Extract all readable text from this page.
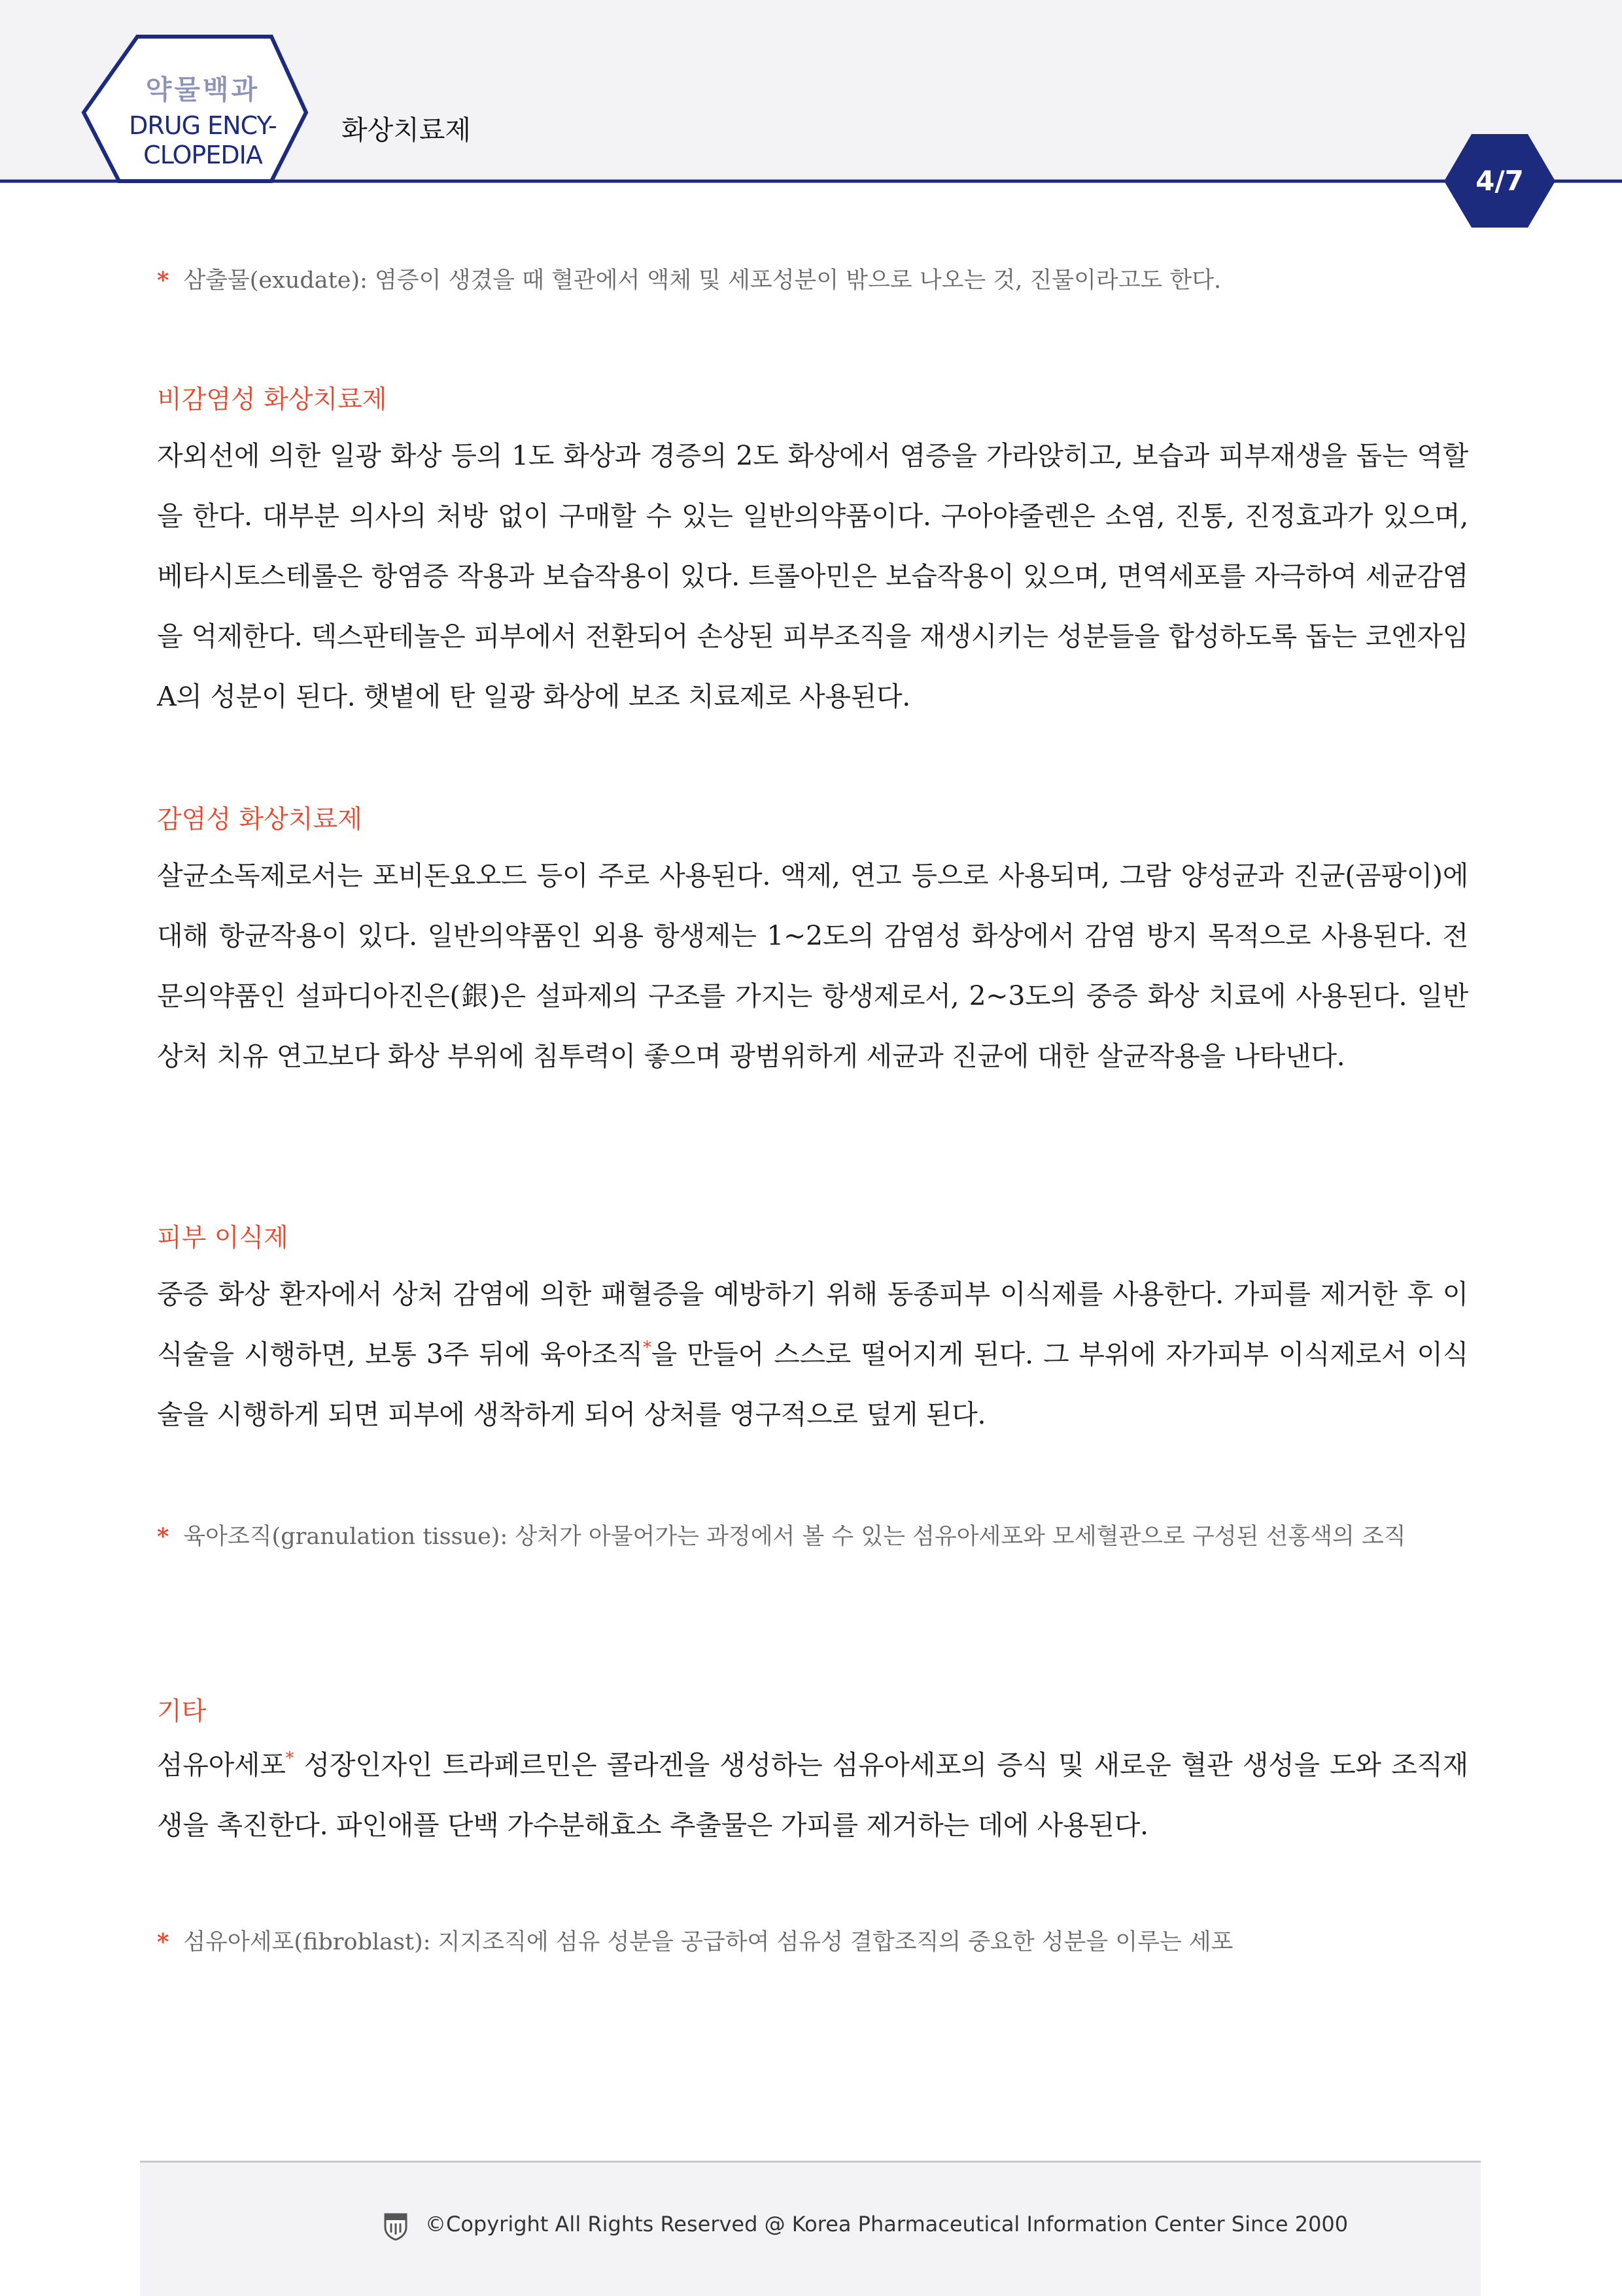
약물백과
DRUG ENCY-
CLOPEDIA
화상치료제
4/7
* 삼출물(exudate): 염증이 생겼을 때 혈관에서 액체 및 세포성분이 밖으로 나오는 것, 진물이라고도 한다.
비감염성 화상치료제
자외선에 의한 일광 화상 등의 1도 화상과 경증의 2도 화상에서 염증을 가라앉히고, 보습과 피부재생을 돕는 역할을 한다. 대부분 의사의 처방 없이 구매할 수 있는 일반의약품이다. 구아야줄렌은 소염, 진통, 진정효과가 있으며, 베타시토스테롤은 항염증 작용과 보습작용이 있다. 트롤아민은 보습작용이 있으며, 면역세포를 자극하여 세균감염을 억제한다. 덱스판테놀은 피부에서 전환되어 손상된 피부조직을 재생시키는 성분들을 합성하도록 돕는 코엔자임 A의 성분이 된다. 햇볕에 탄 일광 화상에 보조 치료제로 사용된다.
감염성 화상치료제
살균소독제로서는 포비돈요오드 등이 주로 사용된다. 액제, 연고 등으로 사용되며, 그람 양성균과 진균(곰팡이)에 대해 항균작용이 있다. 일반의약품인 외용 항생제는 1~2도의 감염성 화상에서 감염 방지 목적으로 사용된다. 전문의약품인 설파디아진은(銀)은 설파제의 구조를 가지는 항생제로서, 2~3도의 중증 화상 치료에 사용된다. 일반 상처 치유 연고보다 화상 부위에 침투력이 좋으며 광범위하게 세균과 진균에 대한 살균작용을 나타낸다.
피부 이식제
중증 화상 환자에서 상처 감염에 의한 패혈증을 예방하기 위해 동종피부 이식제를 사용한다. 가피를 제거한 후 이식술을 시행하면, 보통 3주 뒤에 육아조직*을 만들어 스스로 떨어지게 된다. 그 부위에 자가피부 이식제로서 이식술을 시행하게 되면 피부에 생착하게 되어 상처를 영구적으로 덮게 된다.
* 육아조직(granulation tissue): 상처가 아물어가는 과정에서 볼 수 있는 섬유아세포와 모세혈관으로 구성된 선홍색의 조직
기타
섬유아세포* 성장인자인 트라페르민은 콜라겐을 생성하는 섬유아세포의 증식 및 새로운 혈관 생성을 도와 조직재생을 촉진한다. 파인애플 단백 가수분해효소 추출물은 가피를 제거하는 데에 사용된다.
* 섬유아세포(fibroblast): 지지조직에 섬유 성분을 공급하여 섬유성 결합조직의 중요한 성분을 이루는 세포
©Copyright All Rights Reserved @ Korea Pharmaceutical Information Center Since 2000
